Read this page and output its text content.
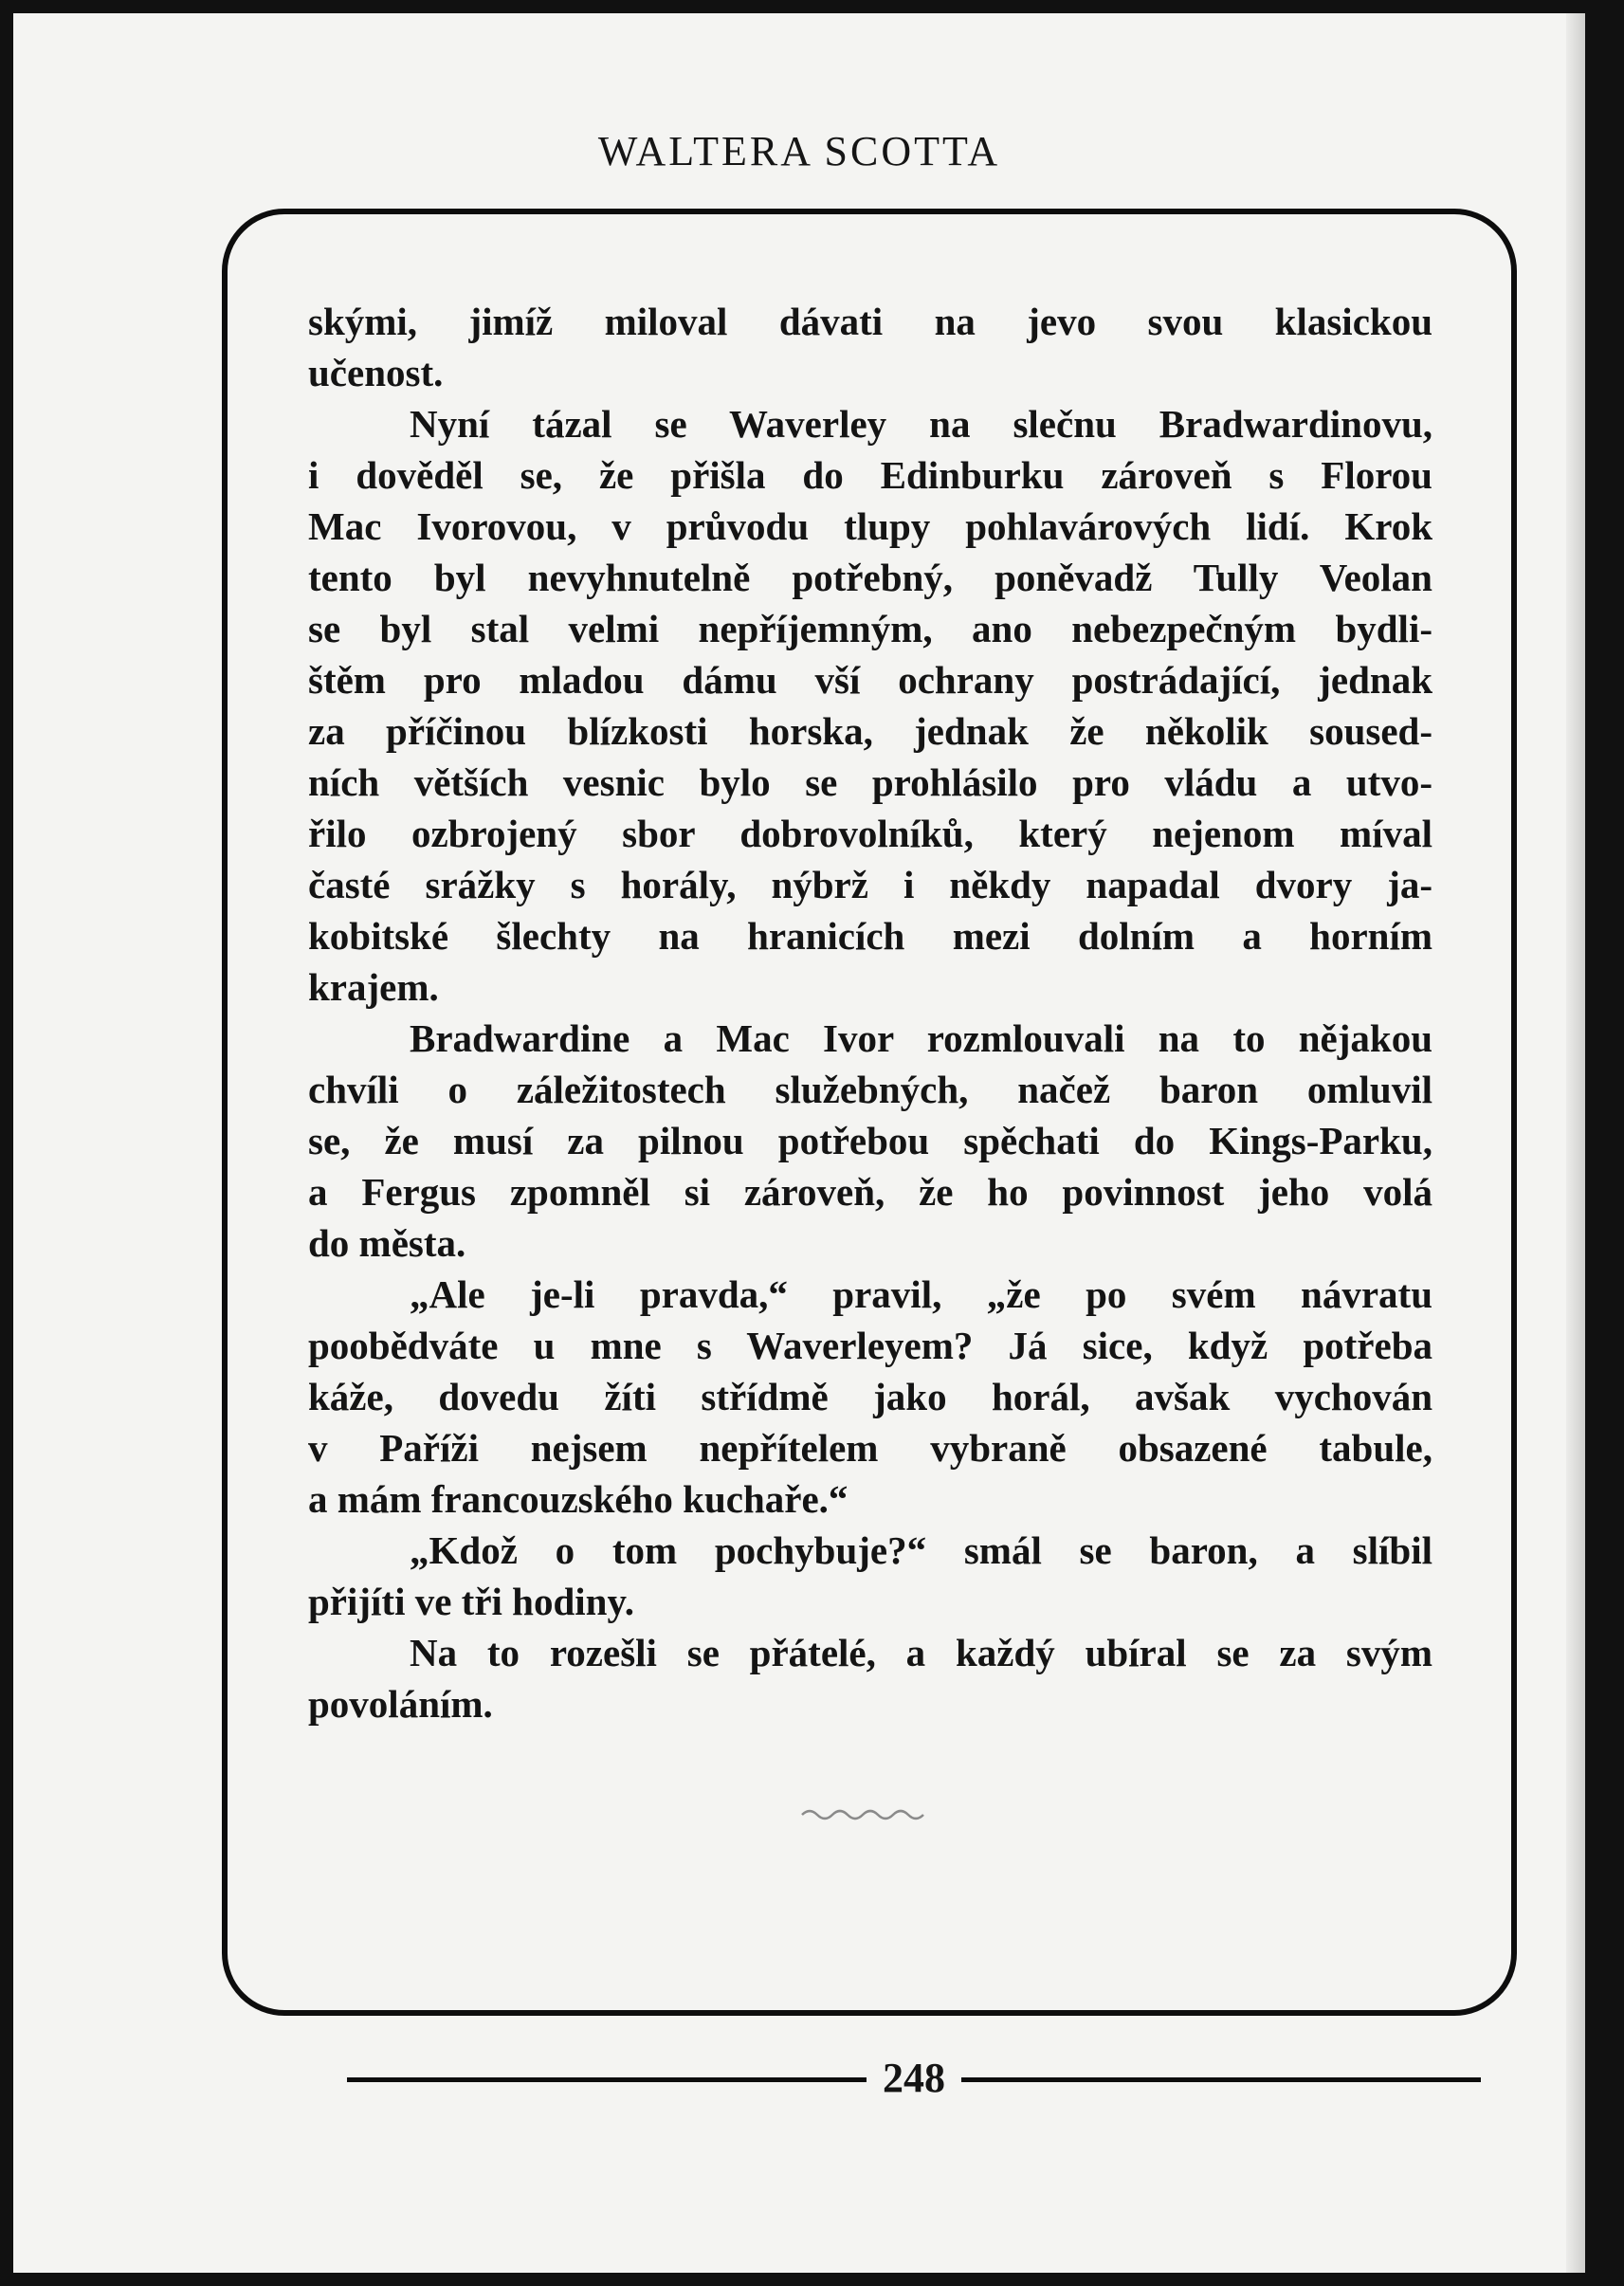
WALTERA SCOTTA
skými, jimíž miloval dávati na jevo svou klasickou
učenost.
Nyní tázal se Waverley na slečnu Bradwardinovu,
i dověděl se, že přišla do Edinburku zároveň s Florou
Mac Ivorovou, v průvodu tlupy pohlavárových lidí. Krok
tento byl nevyhnutelně potřebný, poněvadž Tully Veolan
se byl stal velmi nepříjemným, ano nebezpečným bydli-
štěm pro mladou dámu vší ochrany postrádající, jednak
za příčinou blízkosti horska, jednak že několik soused-
ních větších vesnic bylo se prohlásilo pro vládu a utvo-
řilo ozbrojený sbor dobrovolníků, který nejenom míval
časté srážky s horály, nýbrž i někdy napadal dvory ja-
kobitské šlechty na hranicích mezi dolním a horním
krajem.
Bradwardine a Mac Ivor rozmlouvali na to nějakou
chvíli o záležitostech služebných, načež baron omluvil
se, že musí za pilnou potřebou spěchati do Kings-Parku,
a Fergus zpomněl si zároveň, že ho povinnost jeho volá
do města.
„Ale je-li pravda,“ pravil, „že po svém návratu
poobědváte u mne s Waverleyem? Já sice, když potřeba
káže, dovedu žíti střídmě jako horál, avšak vychován
v Paříži nejsem nepřítelem vybraně obsazené tabule,
a mám francouzského kuchaře.“
„Kdož o tom pochybuje?“ smál se baron, a slíbil
přijíti ve tři hodiny.
Na to rozešli se přátelé, a každý ubíral se za svým
povoláním.
248
